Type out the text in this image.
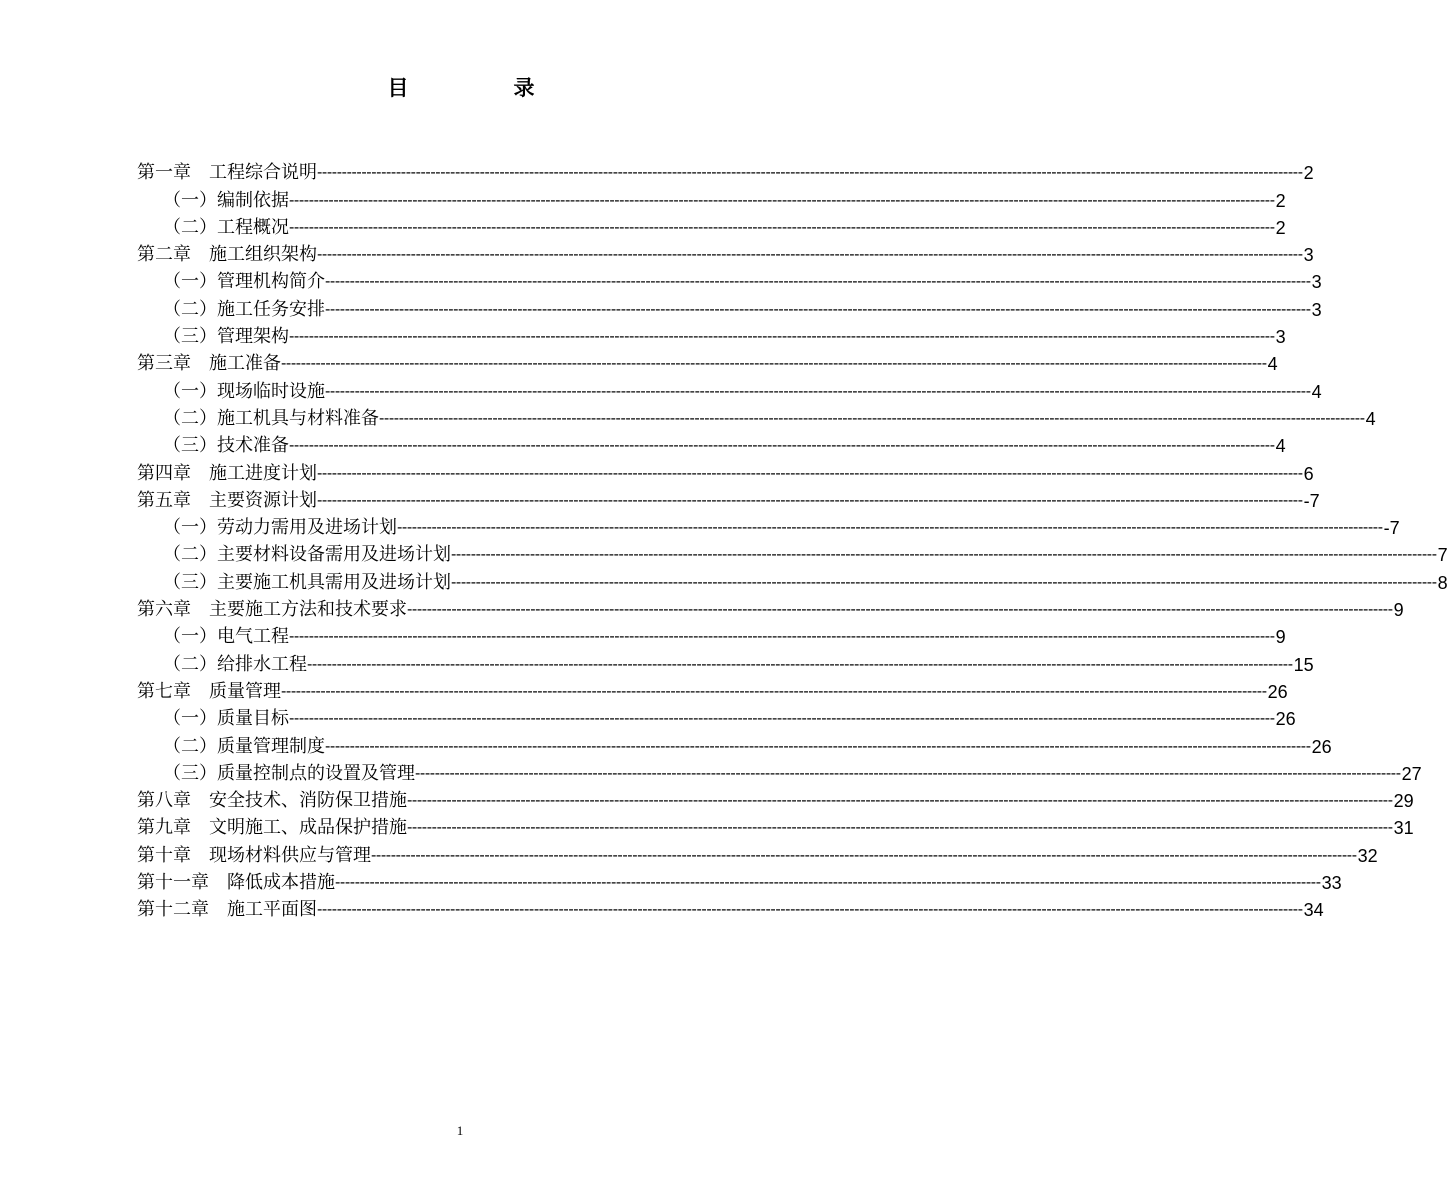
目　录
第一章　工程综合说明 -------------------------------------------------------------------------------------------------------------------------------------------------------------------------------------------------------- 2
（一）编制依据 -------------------------------------------------------------------------------------------------------------------------------------------------------------------------------------------------------- 2
（二）工程概况 -------------------------------------------------------------------------------------------------------------------------------------------------------------------------------------------------------- 2
第二章　施工组织架构 -------------------------------------------------------------------------------------------------------------------------------------------------------------------------------------------------------- 3
（一）管理机构简介 -------------------------------------------------------------------------------------------------------------------------------------------------------------------------------------------------------- 3
（二）施工任务安排 -------------------------------------------------------------------------------------------------------------------------------------------------------------------------------------------------------- 3
（三）管理架构 -------------------------------------------------------------------------------------------------------------------------------------------------------------------------------------------------------- 3
第三章　施工准备 -------------------------------------------------------------------------------------------------------------------------------------------------------------------------------------------------------- 4
（一）现场临时设施 -------------------------------------------------------------------------------------------------------------------------------------------------------------------------------------------------------- 4
（二）施工机具与材料准备 -------------------------------------------------------------------------------------------------------------------------------------------------------------------------------------------------------- 4
（三）技术准备 -------------------------------------------------------------------------------------------------------------------------------------------------------------------------------------------------------- 4
第四章　施工进度计划 -------------------------------------------------------------------------------------------------------------------------------------------------------------------------------------------------------- 6
第五章　主要资源计划 -------------------------------------------------------------------------------------------------------------------------------------------------------------------------------------------------------- -7
（一）劳动力需用及进场计划 -------------------------------------------------------------------------------------------------------------------------------------------------------------------------------------------------------- -7
（二）主要材料设备需用及进场计划 -------------------------------------------------------------------------------------------------------------------------------------------------------------------------------------------------------- 7
（三）主要施工机具需用及进场计划 -------------------------------------------------------------------------------------------------------------------------------------------------------------------------------------------------------- 8
第六章　主要施工方法和技术要求 -------------------------------------------------------------------------------------------------------------------------------------------------------------------------------------------------------- 9
（一）电气工程 -------------------------------------------------------------------------------------------------------------------------------------------------------------------------------------------------------- 9
（二）给排水工程 -------------------------------------------------------------------------------------------------------------------------------------------------------------------------------------------------------- 15
第七章　质量管理 -------------------------------------------------------------------------------------------------------------------------------------------------------------------------------------------------------- 26
（一）质量目标 -------------------------------------------------------------------------------------------------------------------------------------------------------------------------------------------------------- 26
（二）质量管理制度 -------------------------------------------------------------------------------------------------------------------------------------------------------------------------------------------------------- 26
（三）质量控制点的设置及管理 -------------------------------------------------------------------------------------------------------------------------------------------------------------------------------------------------------- 27
第八章　安全技术、消防保卫措施 -------------------------------------------------------------------------------------------------------------------------------------------------------------------------------------------------------- 29
第九章　文明施工、成品保护措施 -------------------------------------------------------------------------------------------------------------------------------------------------------------------------------------------------------- 31
第十章　现场材料供应与管理 -------------------------------------------------------------------------------------------------------------------------------------------------------------------------------------------------------- 32
第十一章　降低成本措施 -------------------------------------------------------------------------------------------------------------------------------------------------------------------------------------------------------- 33
第十二章　施工平面图 -------------------------------------------------------------------------------------------------------------------------------------------------------------------------------------------------------- 34
1
